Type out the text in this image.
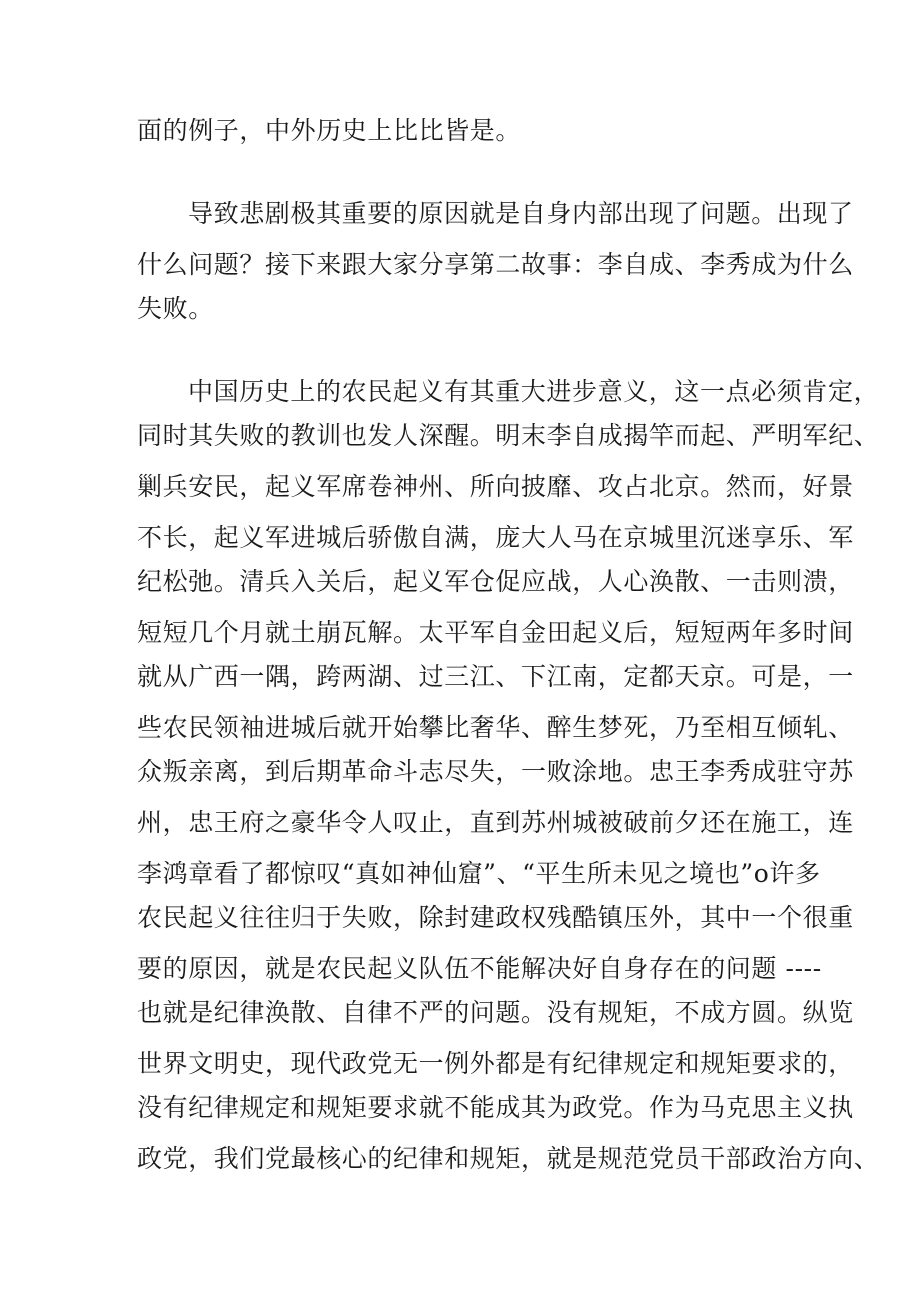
面的例子，中外历史上比比皆是。
导致悲剧极其重要的原因就是自身内部出现了问题。出现了
什么问题？接下来跟大家分享第二故事：李自成、李秀成为什么
失败。
中国历史上的农民起义有其重大进步意义，这一点必须肯定，
同时其失败的教训也发人深醒。明末李自成揭竿而起、严明军纪、
剿兵安民，起义军席卷神州、所向披靡、攻占北京。然而，好景
不长，起义军进城后骄傲自满，庞大人马在京城里沉迷享乐、军
纪松弛。清兵入关后，起义军仓促应战，人心涣散、一击则溃，
短短几个月就土崩瓦解。太平军自金田起义后，短短两年多时间
就从广西一隅，跨两湖、过三江、下江南，定都天京。可是，一
些农民领袖进城后就开始攀比奢华、醉生梦死，乃至相互倾轧、
众叛亲离，到后期革命斗志尽失，一败涂地。忠王李秀成驻守苏
州，忠王府之豪华令人叹止，直到苏州城被破前夕还在施工，连
李鸿章看了都惊叹“真如神仙窟”、“平生所未见之境也”o许多
农民起义往往归于失败，除封建政权残酷镇压外，其中一个很重
要的原因，就是农民起义队伍不能解决好自身存在的问题 ----
也就是纪律涣散、自律不严的问题。没有规矩，不成方圆。纵览
世界文明史，现代政党无一例外都是有纪律规定和规矩要求的，
没有纪律规定和规矩要求就不能成其为政党。作为马克思主义执
政党，我们党最核心的纪律和规矩，就是规范党员干部政治方向、
